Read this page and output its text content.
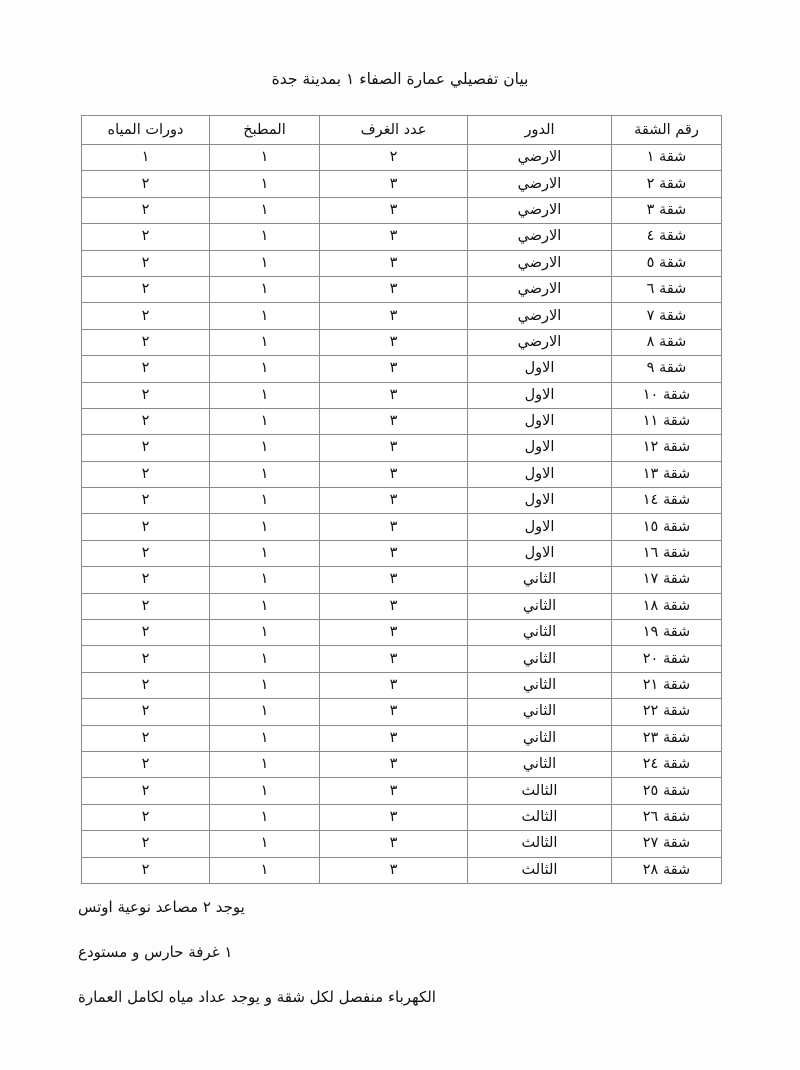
بيان تفصيلي عمارة الصفاء ١ بمدينة جدة
رقم الشقة	الدور	عدد الغرف	المطبخ	دورات المياه
شقة ١	الارضي	٢	١	١
شقة ٢	الارضي	٣	١	٢
شقة ٣	الارضي	٣	١	٢
شقة ٤	الارضي	٣	١	٢
شقة ٥	الارضي	٣	١	٢
شقة ٦	الارضي	٣	١	٢
شقة ٧	الارضي	٣	١	٢
شقة ٨	الارضي	٣	١	٢
شقة ٩	الاول	٣	١	٢
شقة ١٠	الاول	٣	١	٢
شقة ١١	الاول	٣	١	٢
شقة ١٢	الاول	٣	١	٢
شقة ١٣	الاول	٣	١	٢
شقة ١٤	الاول	٣	١	٢
شقة ١٥	الاول	٣	١	٢
شقة ١٦	الاول	٣	١	٢
شقة ١٧	الثاني	٣	١	٢
شقة ١٨	الثاني	٣	١	٢
شقة ١٩	الثاني	٣	١	٢
شقة ٢٠	الثاني	٣	١	٢
شقة ٢١	الثاني	٣	١	٢
شقة ٢٢	الثاني	٣	١	٢
شقة ٢٣	الثاني	٣	١	٢
شقة ٢٤	الثاني	٣	١	٢
شقة ٢٥	الثالث	٣	١	٢
شقة ٢٦	الثالث	٣	١	٢
شقة ٢٧	الثالث	٣	١	٢
شقة ٢٨	الثالث	٣	١	٢
يوجد ٢ مصاعد نوعية اوتس
١ غرفة حارس و مستودع
الكهرباء منفصل لكل شقة و يوجد عداد مياه لكامل العمارة
